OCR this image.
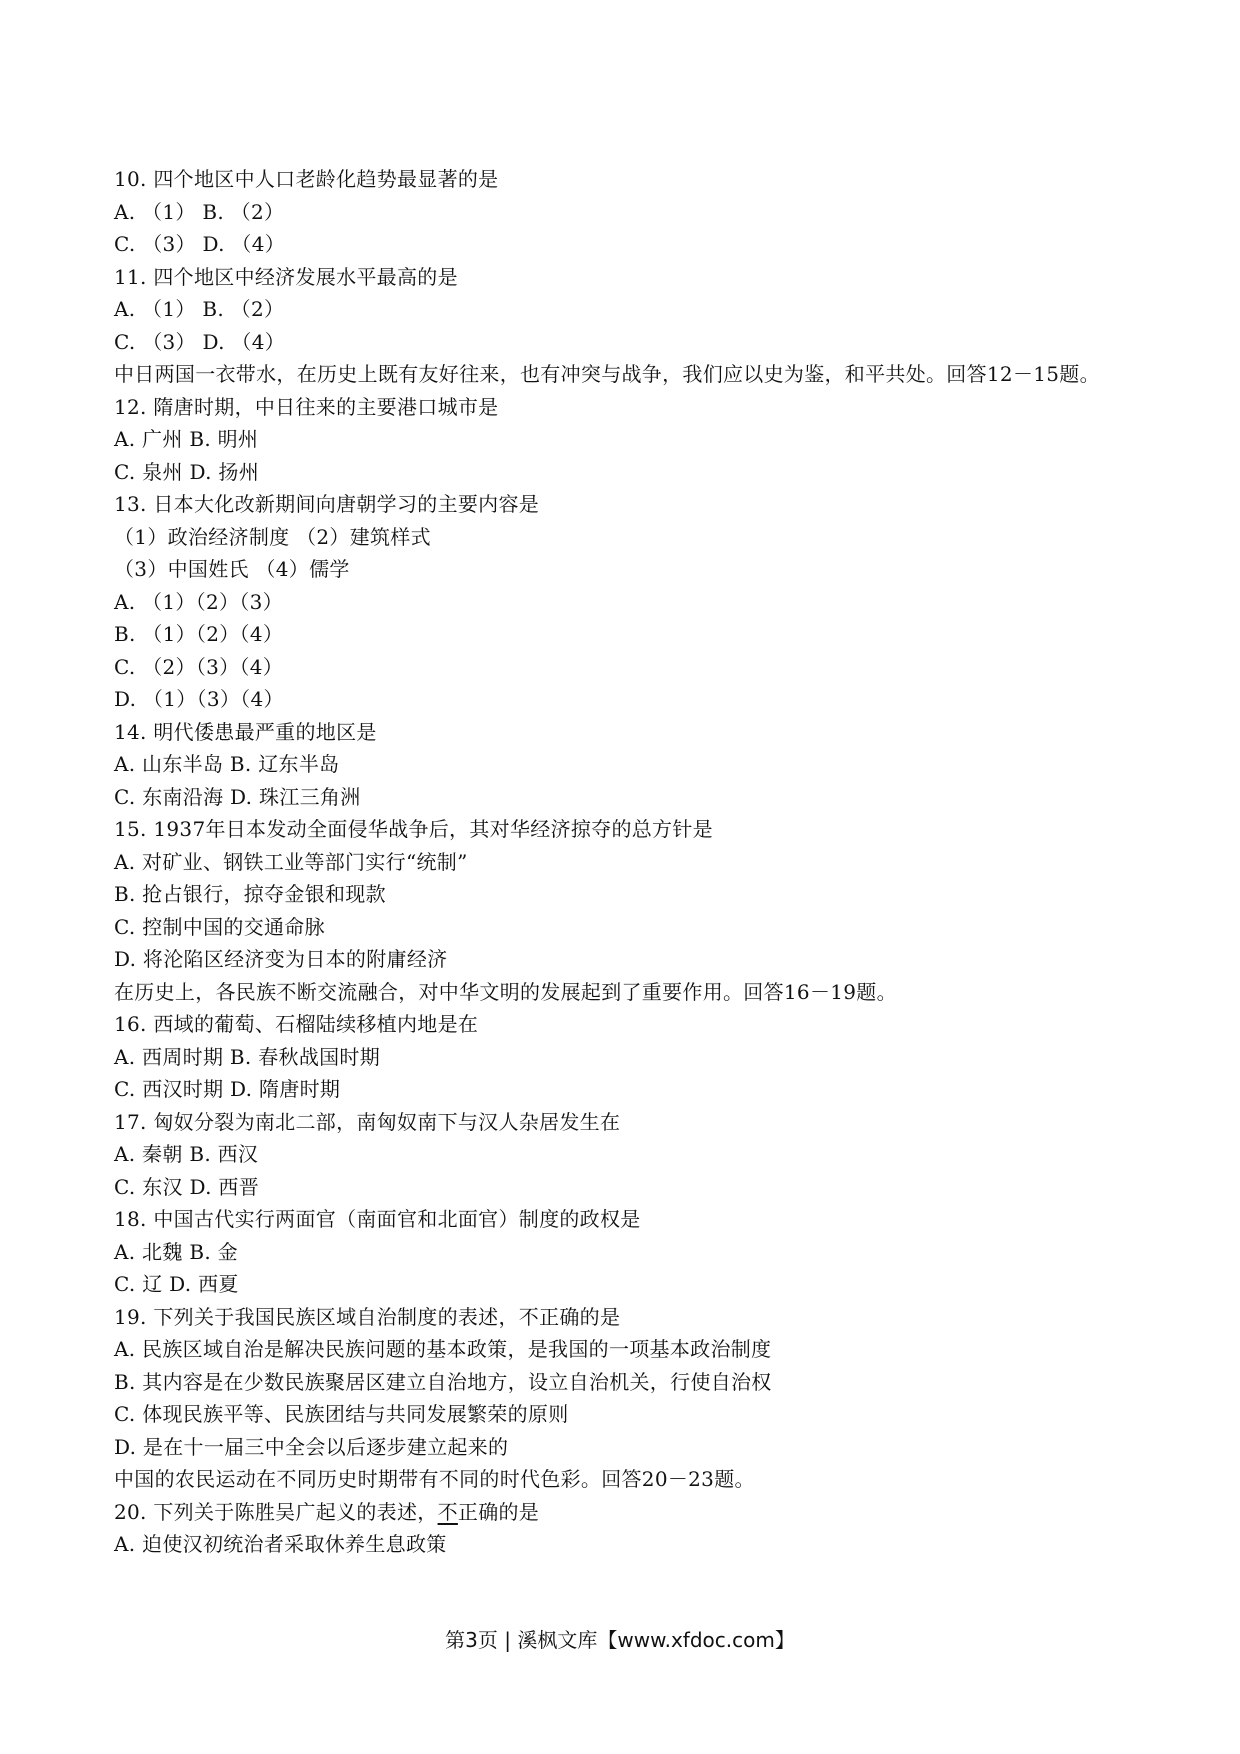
10. 四个地区中人口老龄化趋势最显著的是
A. （1） B. （2）
C. （3） D. （4）
11. 四个地区中经济发展水平最高的是
A. （1） B. （2）
C. （3） D. （4）
中日两国一衣带水，在历史上既有友好往来，也有冲突与战争，我们应以史为鉴，和平共处。回答12－15题。
12. 隋唐时期，中日往来的主要港口城市是
A. 广州 B. 明州
C. 泉州 D. 扬州
13. 日本大化改新期间向唐朝学习的主要内容是
（1）政治经济制度 （2）建筑样式
（3）中国姓氏 （4）儒学
A. （1）（2）（3）
B. （1）（2）（4）
C. （2）（3）（4）
D. （1）（3）（4）
14. 明代倭患最严重的地区是
A. 山东半岛 B. 辽东半岛
C. 东南沿海 D. 珠江三角洲
15. 1937年日本发动全面侵华战争后，其对华经济掠夺的总方针是
A. 对矿业、钢铁工业等部门实行“统制”
B. 抢占银行，掠夺金银和现款
C. 控制中国的交通命脉
D. 将沦陷区经济变为日本的附庸经济
在历史上，各民族不断交流融合，对中华文明的发展起到了重要作用。回答16－19题。
16. 西域的葡萄、石榴陆续移植内地是在
A. 西周时期 B. 春秋战国时期
C. 西汉时期 D. 隋唐时期
17. 匈奴分裂为南北二部，南匈奴南下与汉人杂居发生在
A. 秦朝 B. 西汉
C. 东汉 D. 西晋
18. 中国古代实行两面官（南面官和北面官）制度的政权是
A. 北魏 B. 金
C. 辽 D. 西夏
19. 下列关于我国民族区域自治制度的表述，不正确的是
A. 民族区域自治是解决民族问题的基本政策，是我国的一项基本政治制度
B. 其内容是在少数民族聚居区建立自治地方，设立自治机关，行使自治权
C. 体现民族平等、民族团结与共同发展繁荣的原则
D. 是在十一届三中全会以后逐步建立起来的
中国的农民运动在不同历史时期带有不同的时代色彩。回答20－23题。
20. 下列关于陈胜吴广起义的表述，不正确的是
A. 迫使汉初统治者采取休养生息政策
第3页 | 溪枫文库【www.xfdoc.com】
